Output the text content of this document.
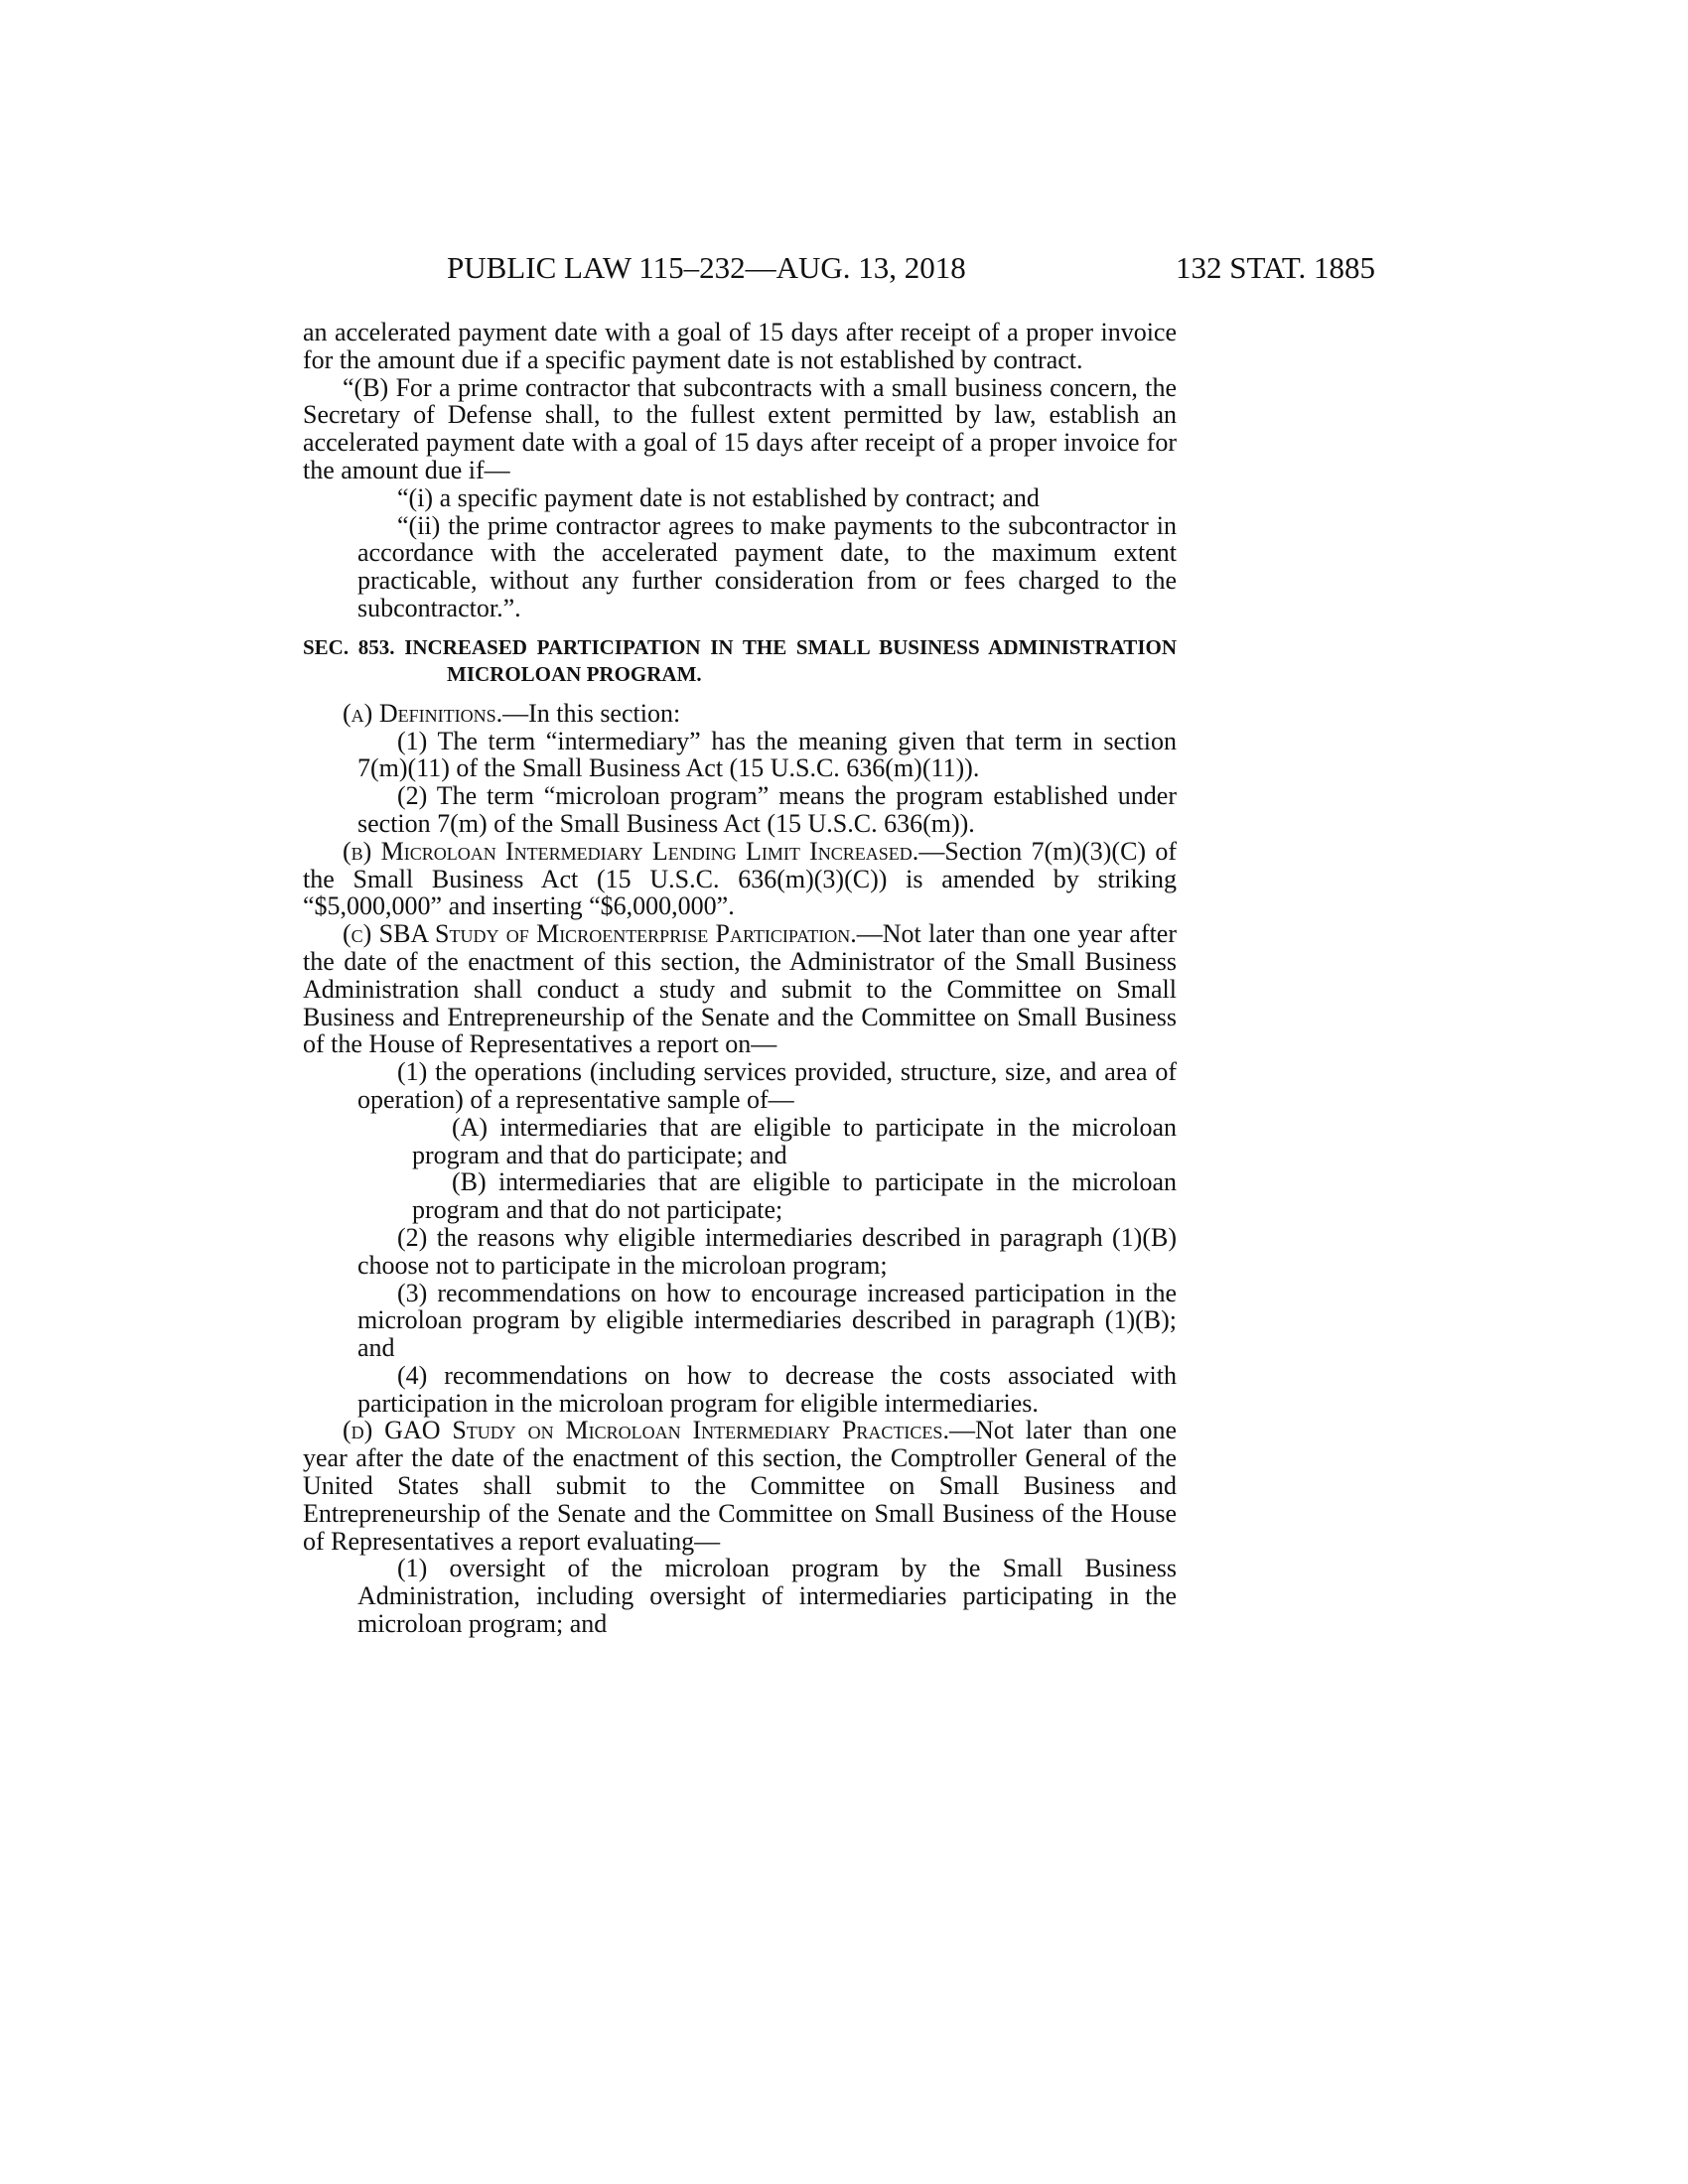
PUBLIC LAW 115–232—AUG. 13, 2018	132 STAT. 1885

an accelerated payment date with a goal of 15 days after receipt of a proper invoice for the amount due if a specific payment date is not established by contract.

“(B) For a prime contractor that subcontracts with a small business concern, the Secretary of Defense shall, to the fullest extent permitted by law, establish an accelerated payment date with a goal of 15 days after receipt of a proper invoice for the amount due if—

“(i) a specific payment date is not established by contract; and

“(ii) the prime contractor agrees to make payments to the subcontractor in accordance with the accelerated payment date, to the maximum extent practicable, without any further consideration from or fees charged to the subcontractor.”.

SEC. 853. INCREASED PARTICIPATION IN THE SMALL BUSINESS ADMINISTRATION MICROLOAN PROGRAM.

(a) Definitions.—In this section:

(1) The term “intermediary” has the meaning given that term in section 7(m)(11) of the Small Business Act (15 U.S.C. 636(m)(11)).

(2) The term “microloan program” means the program established under section 7(m) of the Small Business Act (15 U.S.C. 636(m)).

(b) Microloan Intermediary Lending Limit Increased.—Section 7(m)(3)(C) of the Small Business Act (15 U.S.C. 636(m)(3)(C)) is amended by striking “$5,000,000” and inserting “$6,000,000”.

(c) SBA Study of Microenterprise Participation.—Not later than one year after the date of the enactment of this section, the Administrator of the Small Business Administration shall conduct a study and submit to the Committee on Small Business and Entrepreneurship of the Senate and the Committee on Small Business of the House of Representatives a report on—

(1) the operations (including services provided, structure, size, and area of operation) of a representative sample of—

(A) intermediaries that are eligible to participate in the microloan program and that do participate; and

(B) intermediaries that are eligible to participate in the microloan program and that do not participate;

(2) the reasons why eligible intermediaries described in paragraph (1)(B) choose not to participate in the microloan program;

(3) recommendations on how to encourage increased participation in the microloan program by eligible intermediaries described in paragraph (1)(B); and

(4) recommendations on how to decrease the costs associated with participation in the microloan program for eligible intermediaries.

(d) GAO Study on Microloan Intermediary Practices.—Not later than one year after the date of the enactment of this section, the Comptroller General of the United States shall submit to the Committee on Small Business and Entrepreneurship of the Senate and the Committee on Small Business of the House of Representatives a report evaluating—

(1) oversight of the microloan program by the Small Business Administration, including oversight of intermediaries participating in the microloan program; and
